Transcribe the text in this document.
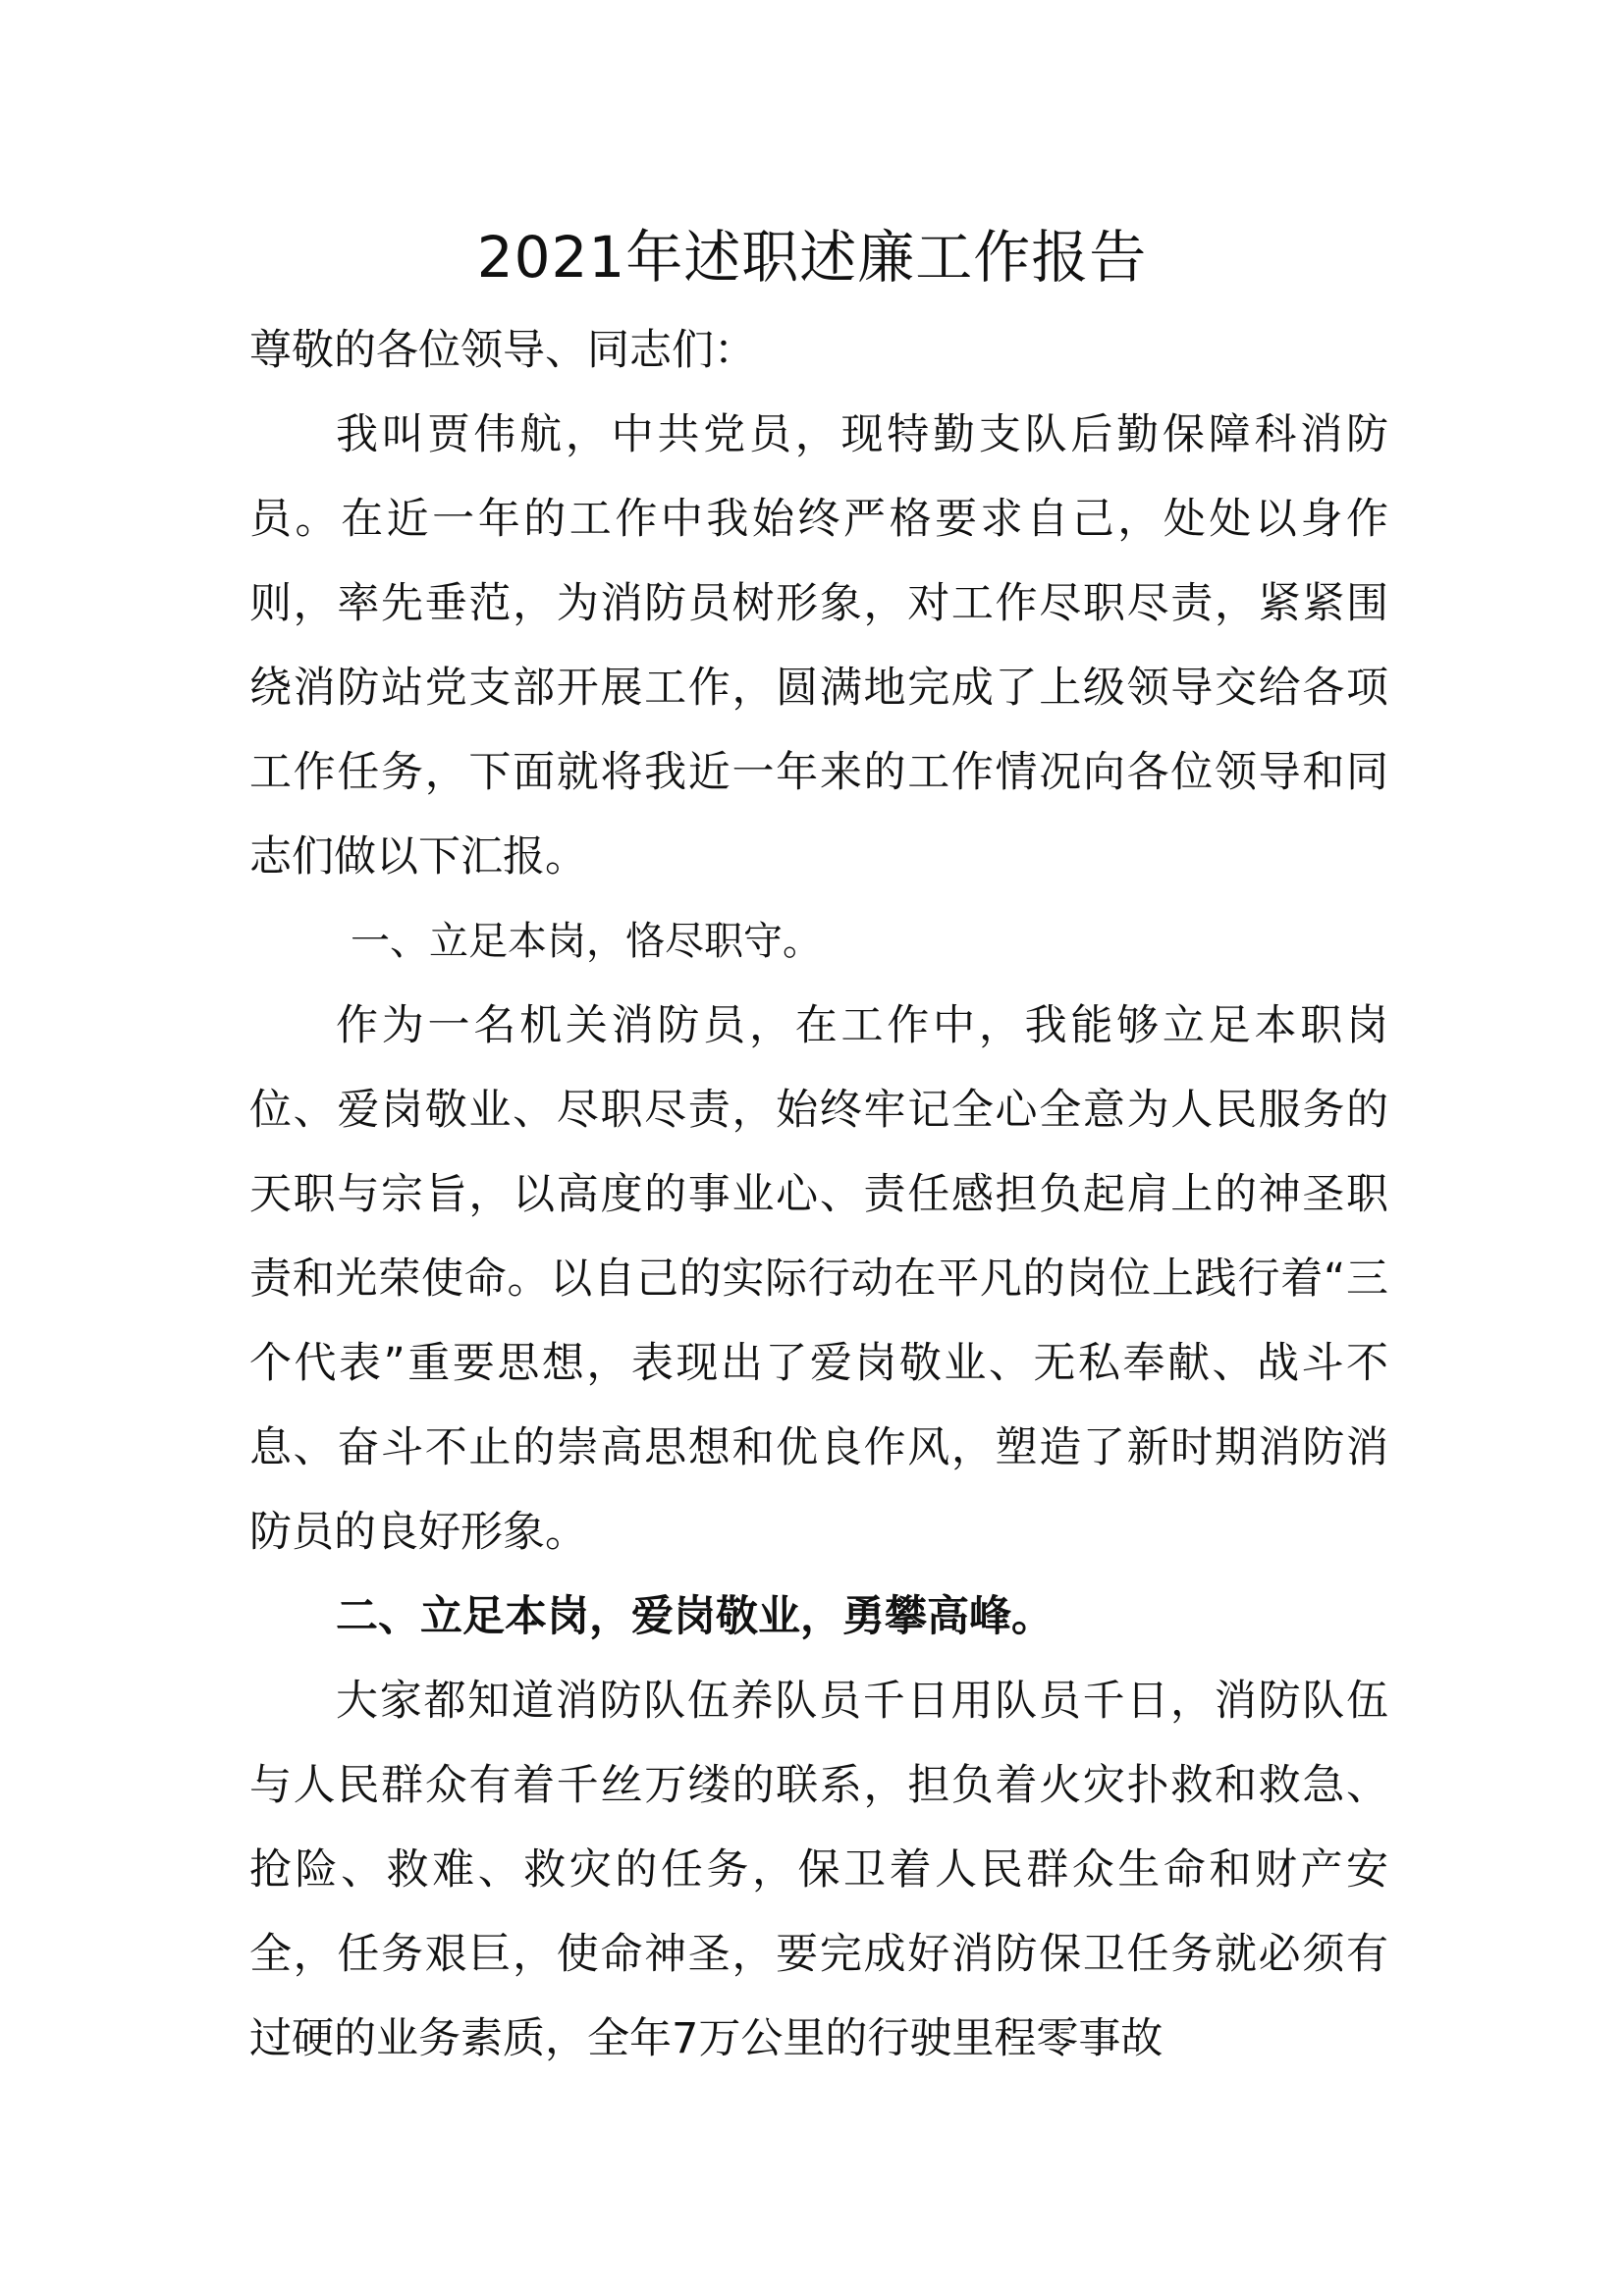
2021年述职述廉工作报告

尊敬的各位领导、同志们：

我叫贾伟航，中共党员，现特勤支队后勤保障科消防员。在近一年的工作中我始终严格要求自己，处处以身作则，率先垂范，为消防员树形象，对工作尽职尽责，紧紧围绕消防站党支部开展工作，圆满地完成了上级领导交给各项工作任务，下面就将我近一年来的工作情况向各位领导和同志们做以下汇报。

一、立足本岗，恪尽职守。

作为一名机关消防员，在工作中，我能够立足本职岗位、爱岗敬业、尽职尽责，始终牢记全心全意为人民服务的天职与宗旨，以高度的事业心、责任感担负起肩上的神圣职责和光荣使命。以自己的实际行动在平凡的岗位上践行着“三个代表”重要思想，表现出了爱岗敬业、无私奉献、战斗不息、奋斗不止的崇高思想和优良作风，塑造了新时期消防消防员的良好形象。

二、立足本岗，爱岗敬业，勇攀高峰。

大家都知道消防队伍养队员千日用队员千日，消防队伍与人民群众有着千丝万缕的联系，担负着火灾扑救和救急、抢险、救难、救灾的任务，保卫着人民群众生命和财产安全，任务艰巨，使命神圣，要完成好消防保卫任务就必须有过硬的业务素质，全年7万公里的行驶里程零事故
